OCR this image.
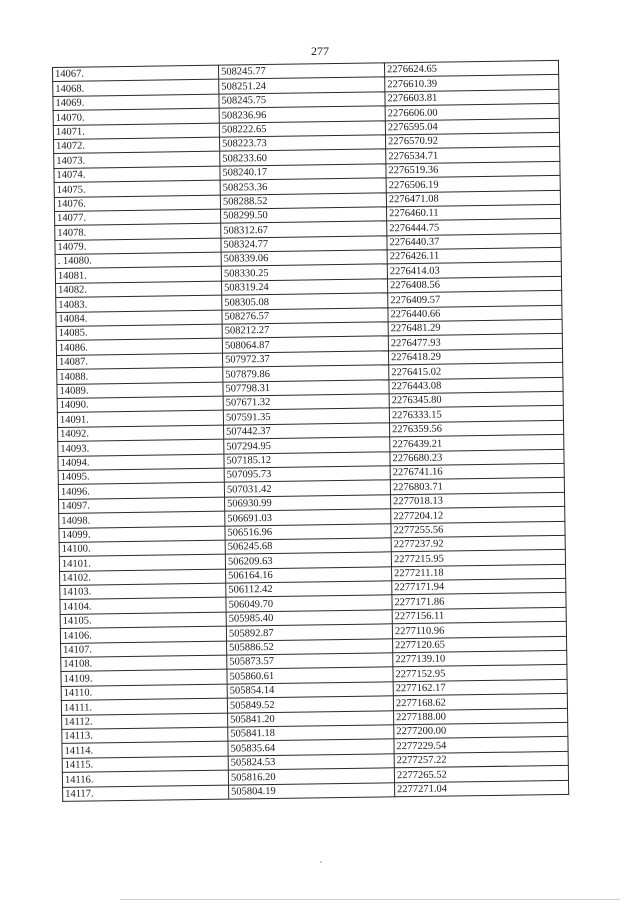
277
14067.	508245.77	2276624.65
14068.	508251.24	2276610.39
14069.	508245.75	2276603.81
14070.	508236.96	2276606.00
14071.	508222.65	2276595.04
14072.	508223.73	2276570.92
14073.	508233.60	2276534.71
14074.	508240.17	2276519.36
14075.	508253.36	2276506.19
14076.	508288.52	2276471.08
14077.	508299.50	2276460.11
14078.	508312.67	2276444.75
14079.	508324.77	2276440.37
. 14080.	508339.06	2276426.11
14081.	508330.25	2276414.03
14082.	508319.24	2276408.56
14083.	508305.08	2276409.57
14084.	508276.57	2276440.66
14085.	508212.27	2276481.29
14086.	508064.87	2276477.93
14087.	507972.37	2276418.29
14088.	507879.86	2276415.02
14089.	507798.31	2276443.08
14090.	507671.32	2276345.80
14091.	507591.35	2276333.15
14092.	507442.37	2276359.56
14093.	507294.95	2276439.21
14094.	507185.12	2276680.23
14095.	507095.73	2276741.16
14096.	507031.42	2276803.71
14097.	506930.99	2277018.13
14098.	506691.03	2277204.12
14099.	506516.96	2277255.56
14100.	506245.68	2277237.92
14101.	506209.63	2277215.95
14102.	506164.16	2277211.18
14103.	506112.42	2277171.94
14104.	506049.70	2277171.86
14105.	505985.40	2277156.11
14106.	505892.87	2277110.96
14107.	505886.52	2277120.65
14108.	505873.57	2277139.10
14109.	505860.61	2277152.95
14110.	505854.14	2277162.17
14111.	505849.52	2277168.62
14112.	505841.20	2277188.00
14113.	505841.18	2277200.00
14114.	505835.64	2277229.54
14115.	505824.53	2277257.22
14116.	505816.20	2277265.52
14117.	505804.19	2277271.04
